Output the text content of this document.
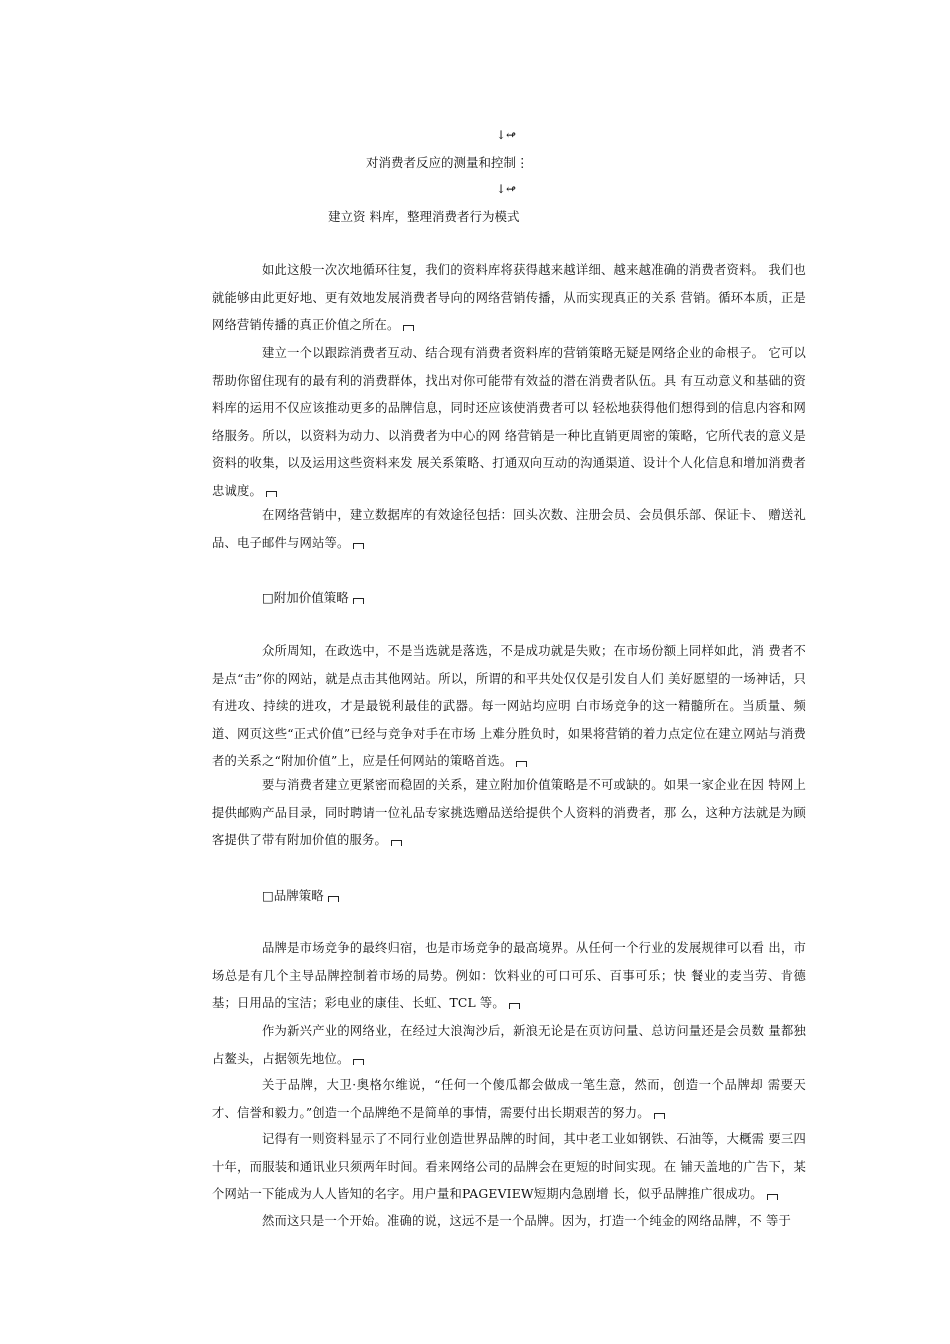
↓↫
对消费者反应的测量和控制⋮
↓↫
建立资 料库，整理消费者行为模式

如此这般一次次地循环往复，我们的资料库将获得越来越详细、越来越准确的消费者资料。 我们也就能够由此更好地、更有效地发展消费者导向的网络营销传播，从而实现真正的关系 营销。循环本质，正是网络营销传播的真正价值之所在。

建立一个以跟踪消费者互动、结合现有消费者资料库的营销策略无疑是网络企业的命根子。 它可以帮助你留住现有的最有利的消费群体，找出对你可能带有效益的潜在消费者队伍。具 有互动意义和基础的资料库的运用不仅应该推动更多的品牌信息，同时还应该使消费者可以 轻松地获得他们想得到的信息内容和网络服务。所以，以资料为动力、以消费者为中心的网 络营销是一种比直销更周密的策略，它所代表的意义是资料的收集，以及运用这些资料来发 展关系策略、打通双向互动的沟通渠道、设计个人化信息和增加消费者忠诚度。

在网络营销中，建立数据库的有效途径包括：回头次数、注册会员、会员俱乐部、保证卡、 赠送礼品、电子邮件与网站等。

□附加价值策略

众所周知，在政选中，不是当选就是落选，不是成功就是失败；在市场份额上同样如此，消 费者不是点“击”你的网站，就是点击其他网站。所以，所谓的和平共处仅仅是引发自人们 美好愿望的一场神话，只有进攻、持续的进攻，才是最锐利最佳的武器。每一网站均应明 白市场竞争的这一精髓所在。当质量、频道、网页这些“正式价值”已经与竞争对手在市场 上难分胜负时，如果将营销的着力点定位在建立网站与消费者的关系之“附加价值”上，应是任何网站的策略首选。

要与消费者建立更紧密而稳固的关系，建立附加价值策略是不可或缺的。如果一家企业在因 特网上提供邮购产品目录，同时聘请一位礼品专家挑选赠品送给提供个人资料的消费者，那 么，这种方法就是为顾客提供了带有附加价值的服务。

□品牌策略

品牌是市场竞争的最终归宿，也是市场竞争的最高境界。从任何一个行业的发展规律可以看 出，市场总是有几个主导品牌控制着市场的局势。例如：饮料业的可口可乐、百事可乐；快 餐业的麦当劳、肯德基；日用品的宝洁；彩电业的康佳、长虹、TCL 等。

作为新兴产业的网络业，在经过大浪淘沙后，新浪无论是在页访问量、总访问量还是会员数 量都独占鳌头，占据领先地位。

关于品牌，大卫·奥格尔维说，“任何一个傻瓜都会做成一笔生意，然而，创造一个品牌却 需要天才、信誉和毅力。”创造一个品牌绝不是简单的事情，需要付出长期艰苦的努力。

记得有一则资料显示了不同行业创造世界品牌的时间，其中老工业如钢铁、石油等，大概需 要三四十年，而服装和通讯业只须两年时间。看来网络公司的品牌会在更短的时间实现。在 铺天盖地的广告下，某个网站一下能成为人人皆知的名字。用户量和PAGEVIEW短期内急剧增 长，似乎品牌推广很成功。

然而这只是一个开始。准确的说，这远不是一个品牌。因为，打造一个纯金的网络品牌，不 等于
